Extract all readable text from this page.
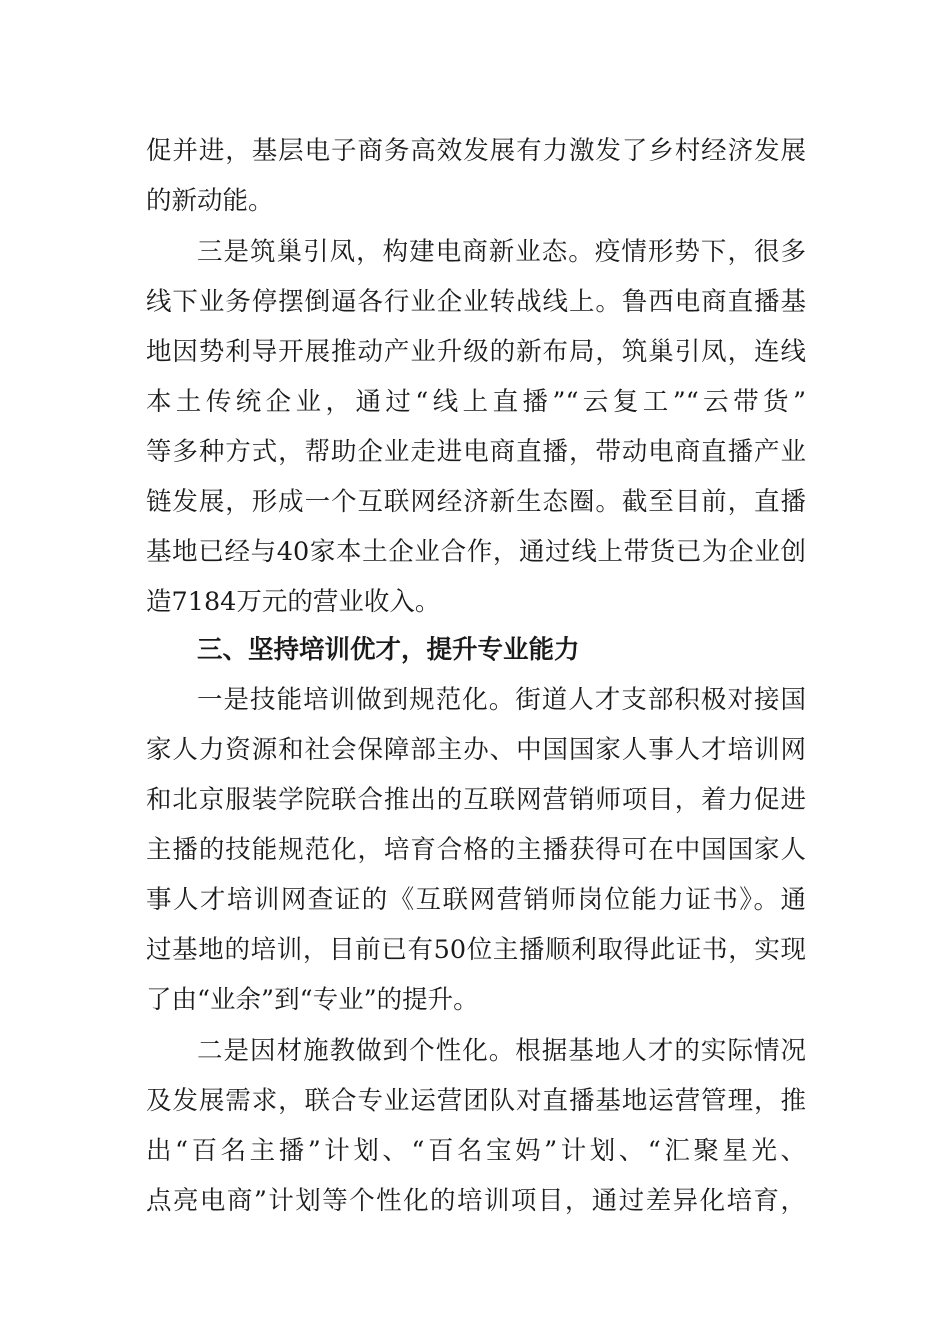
促并进，基层电子商务高效发展有力激发了乡村经济发展
的新动能。
三是筑巢引凤，构建电商新业态。疫情形势下，很多
线下业务停摆倒逼各行业企业转战线上。鲁西电商直播基
地因势利导开展推动产业升级的新布局，筑巢引凤，连线
本土传统企业，通过“线上直播”“云复工”“云带货”
等多种方式，帮助企业走进电商直播，带动电商直播产业
链发展，形成一个互联网经济新生态圈。截至目前，直播
基地已经与40家本土企业合作，通过线上带货已为企业创
造7184万元的营业收入。
三、坚持培训优才，提升专业能力
一是技能培训做到规范化。街道人才支部积极对接国
家人力资源和社会保障部主办、中国国家人事人才培训网
和北京服装学院联合推出的互联网营销师项目，着力促进
主播的技能规范化，培育合格的主播获得可在中国国家人
事人才培训网查证的《互联网营销师岗位能力证书》。通
过基地的培训，目前已有50位主播顺利取得此证书，实现
了由“业余”到“专业”的提升。
二是因材施教做到个性化。根据基地人才的实际情况
及发展需求，联合专业运营团队对直播基地运营管理，推
出“百名主播”计划、“百名宝妈”计划、“汇聚星光、
点亮电商”计划等个性化的培训项目，通过差异化培育，
